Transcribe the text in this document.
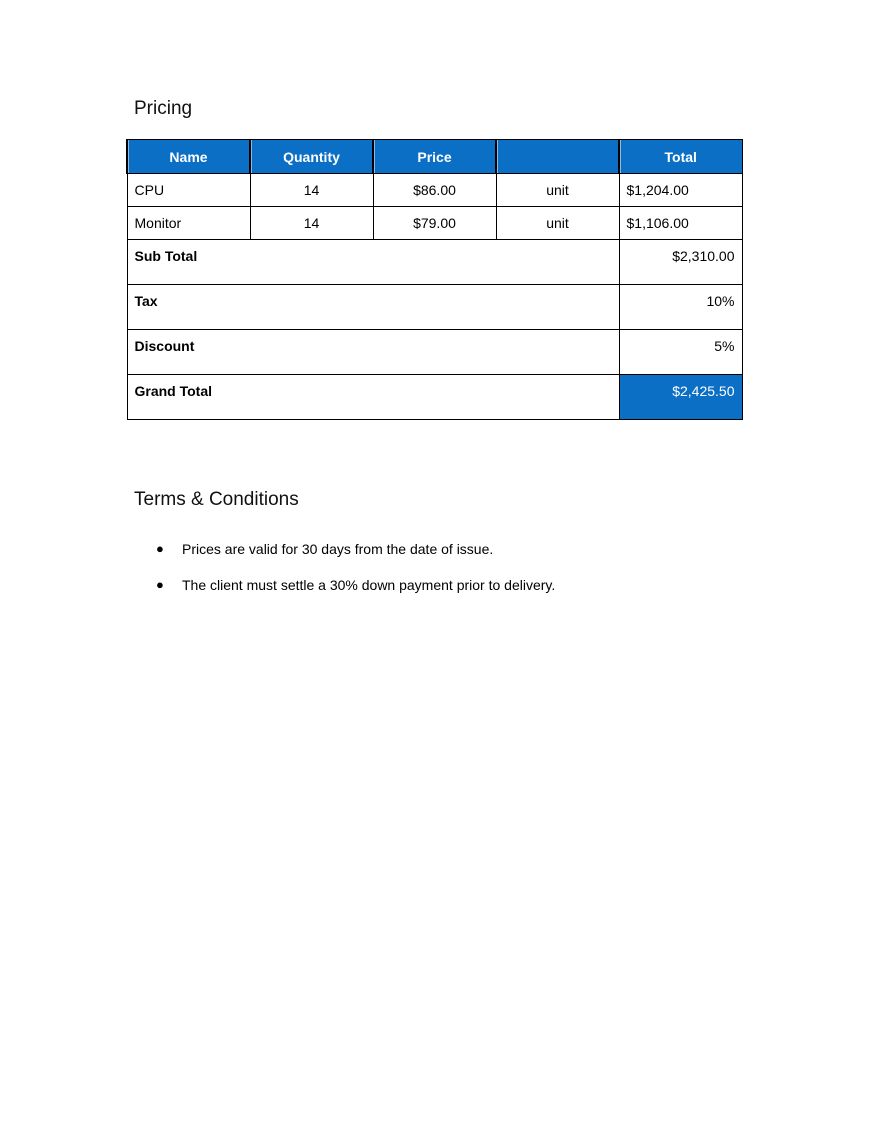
Pricing
Name	Quantity	Price		Total
CPU	14	$86.00	unit	$1,204.00
Monitor	14	$79.00	unit	$1,106.00
Sub Total				$2,310.00
Tax				10%
Discount				5%
Grand Total				$2,425.50
Terms & Conditions
● Prices are valid for 30 days from the date of issue.
● The client must settle a 30% down payment prior to delivery.
